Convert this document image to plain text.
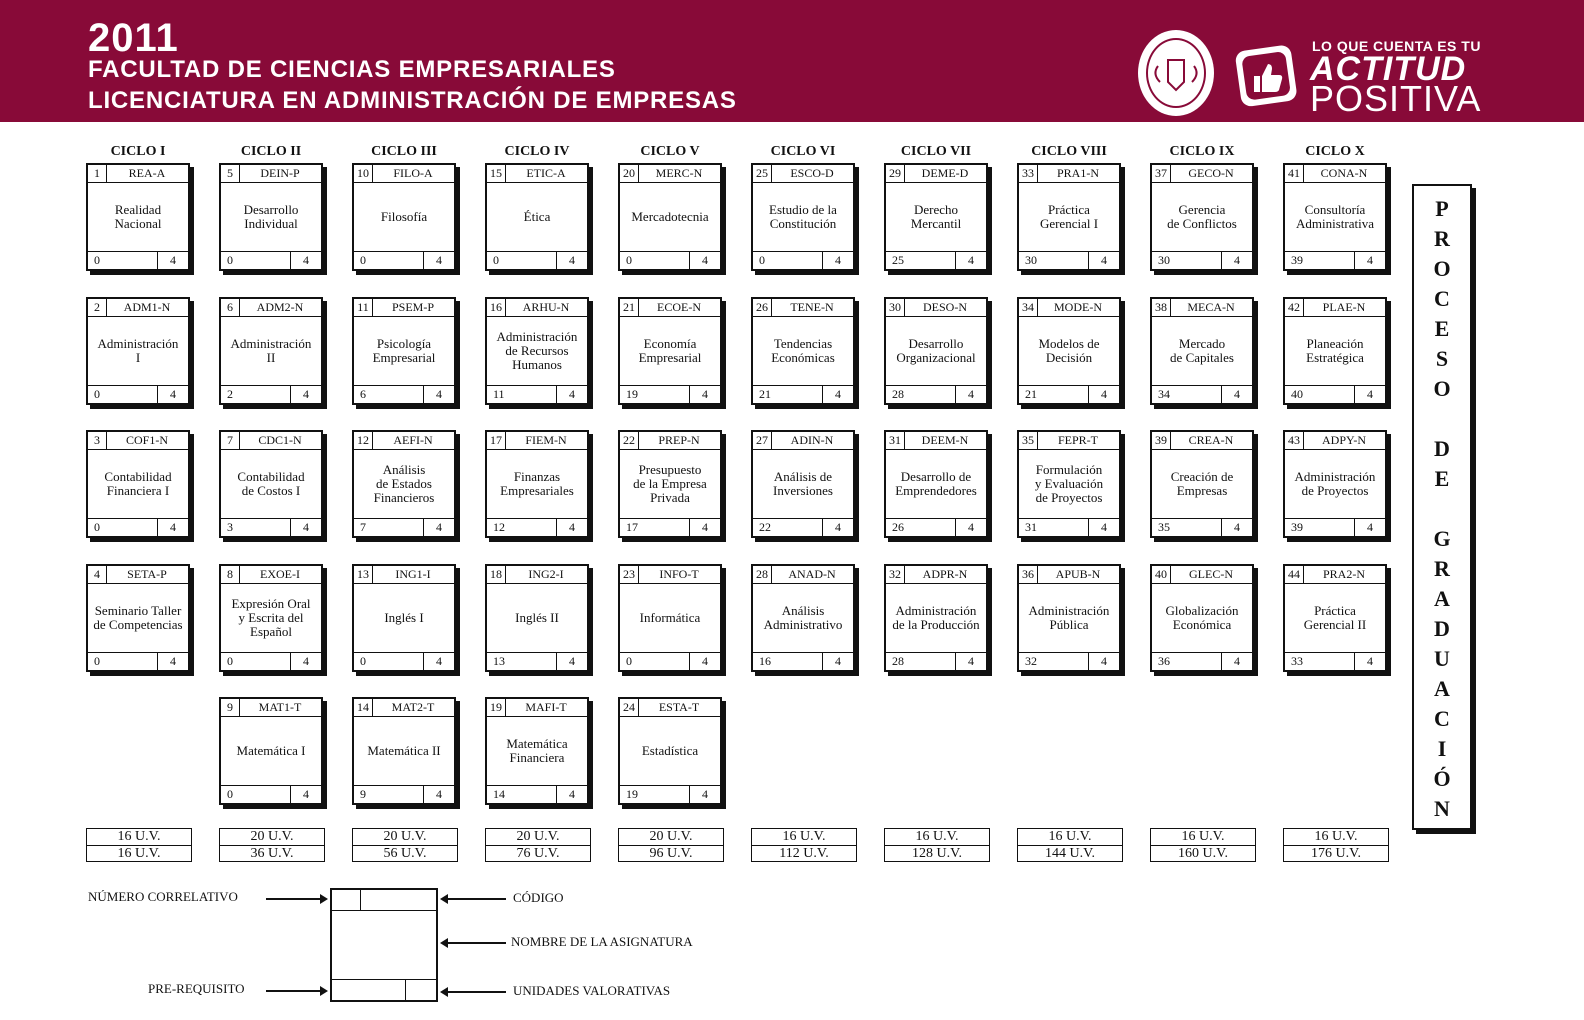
2011
FACULTAD DE CIENCIAS EMPRESARIALES
LICENCIATURA EN ADMINISTRACIÓN DE EMPRESAS
LO QUE CUENTA ES TU
ACTITUD
POSITIVA
CICLO I
1	REA-A
Realidad
Nacional
0	4
2	ADM1-N
Administración
I
0	4
3	COF1-N
Contabilidad
Financiera I
0	4
4	SETA-P
Seminario Taller
de Competencias
0	4
16 U.V.
16 U.V.
CICLO II
5	DEIN-P
Desarrollo
Individual
0	4
6	ADM2-N
Administración
II
2	4
7	CDC1-N
Contabilidad
de Costos I
3	4
8	EXOE-I
Expresión Oral
y Escrita del
Español
0	4
9	MAT1-T
Matemática I
0	4
20 U.V.
36 U.V.
CICLO III
10	FILO-A
Filosofía
0	4
11	PSEM-P
Psicología
Empresarial
6	4
12	AEFI-N
Análisis
de Estados
Financieros
7	4
13	ING1-I
Inglés I
0	4
14	MAT2-T
Matemática II
9	4
20 U.V.
56 U.V.
CICLO IV
15	ETIC-A
Ética
0	4
16	ARHU-N
Administración
de Recursos
Humanos
11	4
17	FIEM-N
Finanzas
Empresariales
12	4
18	ING2-I
Inglés II
13	4
19	MAFI-T
Matemática
Financiera
14	4
20 U.V.
76 U.V.
CICLO V
20	MERC-N
Mercadotecnia
0	4
21	ECOE-N
Economía
Empresarial
19	4
22	PREP-N
Presupuesto
de la Empresa
Privada
17	4
23	INFO-T
Informática
0	4
24	ESTA-T
Estadística
19	4
20 U.V.
96 U.V.
CICLO VI
25	ESCO-D
Estudio de la
Constitución
0	4
26	TENE-N
Tendencias
Económicas
21	4
27	ADIN-N
Análisis de
Inversiones
22	4
28	ANAD-N
Análisis
Administrativo
16	4
16 U.V.
112 U.V.
CICLO VII
29	DEME-D
Derecho
Mercantil
25	4
30	DESO-N
Desarrollo
Organizacional
28	4
31	DEEM-N
Desarrollo de
Emprendedores
26	4
32	ADPR-N
Administración
de la Producción
28	4
16 U.V.
128 U.V.
CICLO VIII
33	PRA1-N
Práctica
Gerencial I
30	4
34	MODE-N
Modelos de
Decisión
21	4
35	FEPR-T
Formulación
y Evaluación
de Proyectos
31	4
36	APUB-N
Administración
Pública
32	4
16 U.V.
144 U.V.
CICLO IX
37	GECO-N
Gerencia
de Conflictos
30	4
38	MECA-N
Mercado
de Capitales
34	4
39	CREA-N
Creación de
Empresas
35	4
40	GLEC-N
Globalización
Económica
36	4
16 U.V.
160 U.V.
CICLO X
41	CONA-N
Consultoría
Administrativa
39	4
42	PLAE-N
Planeación
Estratégica
40	4
43	ADPY-N
Administración
de Proyectos
39	4
44	PRA2-N
Práctica
Gerencial II
33	4
16 U.V.
176 U.V.
P
R
O
C
E
S
O

D
E

G
R
A
D
U
A
C
I
Ó
N
NÚMERO CORRELATIVO	CÓDIGO
NOMBRE DE LA ASIGNATURA
PRE-REQUISITO	UNIDADES VALORATIVAS
